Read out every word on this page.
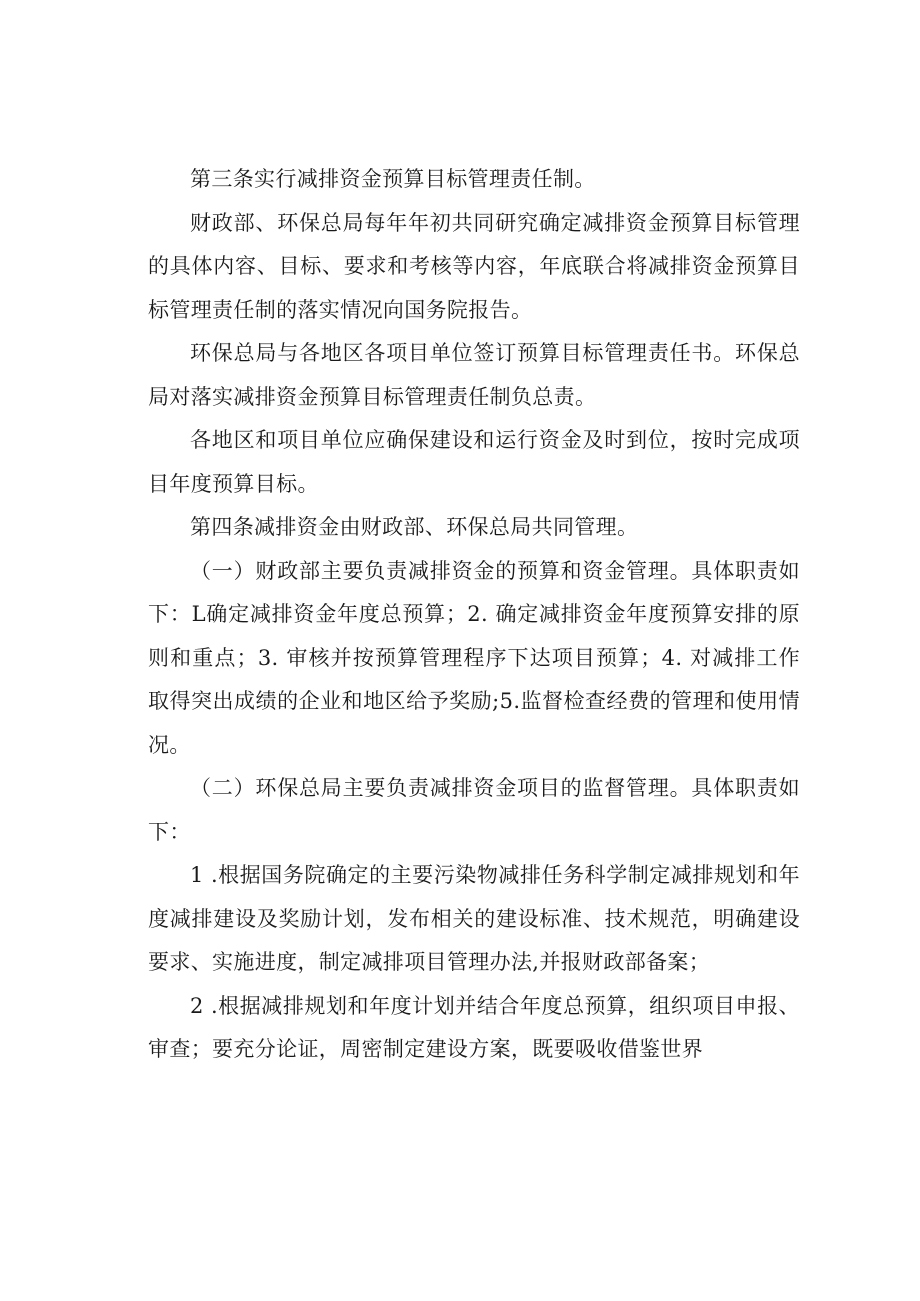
第三条实行减排资金预算目标管理责任制。

财政部、环保总局每年年初共同研究确定减排资金预算目标管理的具体内容、目标、要求和考核等内容，年底联合将减排资金预算目标管理责任制的落实情况向国务院报告。

环保总局与各地区各项目单位签订预算目标管理责任书。环保总局对落实减排资金预算目标管理责任制负总责。

各地区和项目单位应确保建设和运行资金及时到位，按时完成项目年度预算目标。

第四条减排资金由财政部、环保总局共同管理。

（一）财政部主要负责减排资金的预算和资金管理。具体职责如下：L确定减排资金年度总预算；2. 确定减排资金年度预算安排的原则和重点；3. 审核并按预算管理程序下达项目预算；4. 对减排工作取得突出成绩的企业和地区给予奖励;5.监督检查经费的管理和使用情况。

（二）环保总局主要负责减排资金项目的监督管理。具体职责如下：

1 .根据国务院确定的主要污染物减排任务科学制定减排规划和年度减排建设及奖励计划，发布相关的建设标准、技术规范，明确建设要求、实施进度，制定减排项目管理办法,并报财政部备案；

2 .根据减排规划和年度计划并结合年度总预算，组织项目申报、审查；要充分论证，周密制定建设方案，既要吸收借鉴世界
